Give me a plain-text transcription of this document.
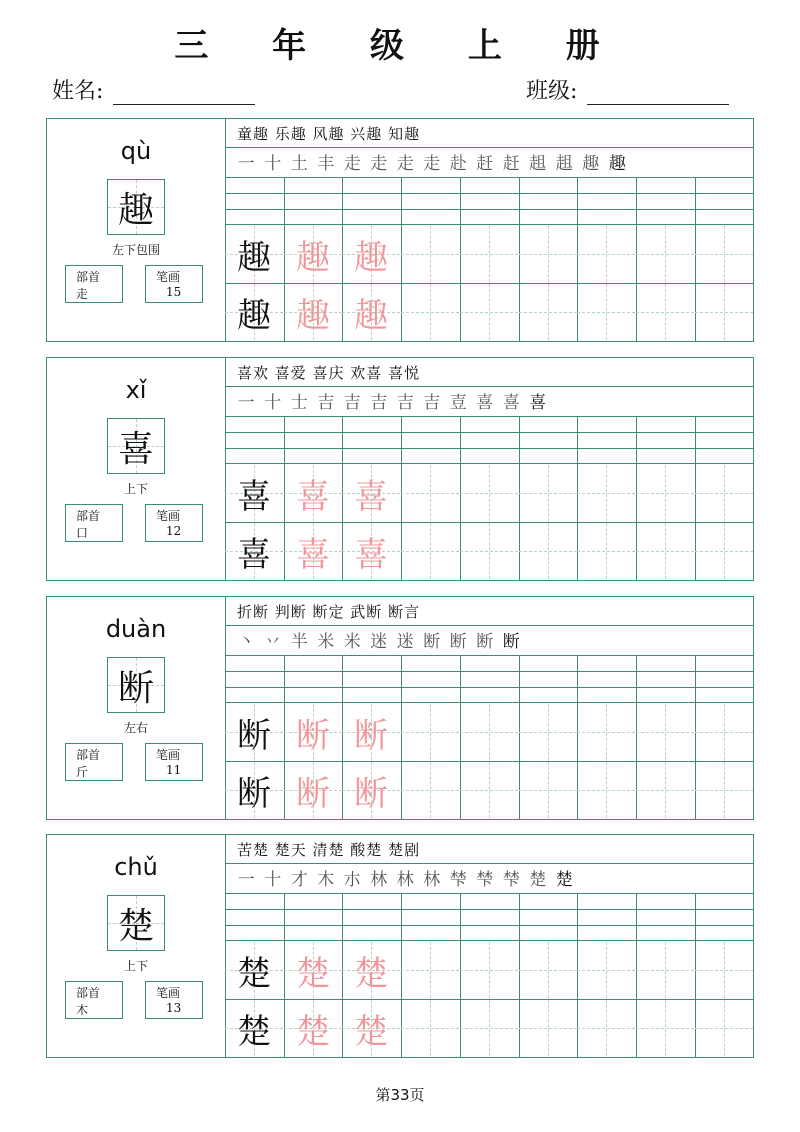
三 年 级 上 册
姓名:	班级:
qù
趣
左下包围
部首
走
笔画
15
童趣 乐趣 风趣 兴趣 知趣
一 十 土 丰 走 走 走 走 赴 赶 赶 趄 趄 趣 趣
趣 趣 趣
趣 趣 趣
xǐ
喜
上下
部首
口
笔画
12
喜欢 喜爱 喜庆 欢喜 喜悦
一 十 士 吉 吉 吉 吉 吉 壴 喜 喜 喜
喜 喜 喜
喜 喜 喜
duàn
断
左右
部首
斤
笔画
11
折断 判断 断定 武断 断言
丶 丷 半 米 米 迷 迷 断 断 断 断
断 断 断
断 断 断
chǔ
楚
上下
部首
木
笔画
13
苦楚 楚天 清楚 酸楚 楚剧
一 十 才 木 朩 林 林 林 梺 梺 梺 楚 楚
楚 楚 楚
楚 楚 楚
第33页
